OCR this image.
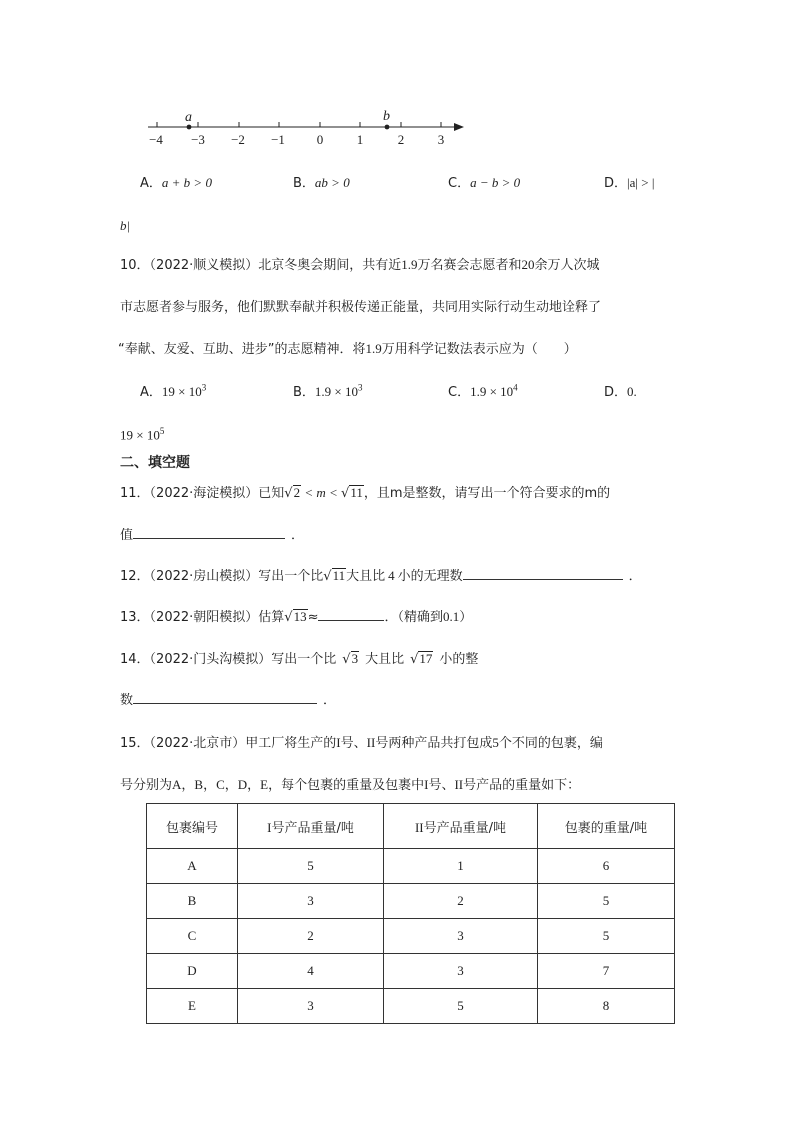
−4 −3 −2 −1 0	1	2	3
a	b
A．a + b > 0	B．ab > 0	C．a − b > 0	D．|a| > |
b|
10．（2022·顺义模拟）北京冬奥会期间，共有近1.9万名赛会志愿者和20余万人次城
市志愿者参与服务，他们默默奉献并积极传递正能量，共同用实际行动生动地诠释了
“奉献、友爱、互助、进步”的志愿精神．将1.9万用科学记数法表示应为（　　）
A．$19 \times 10^3$	B．$1.9 \times 10^3$	C．$1.9 \times 10^4$	D．0.
$19 \times 10^5$
二、填空题
11．（2022·海淀模拟）已知√2 < m < √11，且m是整数，请写出一个符合要求的m的
值	．
12．（2022·房山模拟）写出一个比√11大且比 4 小的无理数	．
13．（2022·朝阳模拟）估算√13≈	．（精确到0.1）
14．（2022·门头沟模拟）写出一个比 √3 大且比 √17 小的整
数	．
15．（2022·北京市）甲工厂将生产的I号、II号两种产品共打包成5个不同的包裹，编
号分别为A，B，C，D，E，每个包裹的重量及包裹中I号、II号产品的重量如下：
包裹编号	I号产品重量/吨	II号产品重量/吨	包裹的重量/吨
A	5	1	6
B	3	2	5
C	2	3	5
D	4	3	7
E	3	5	8
